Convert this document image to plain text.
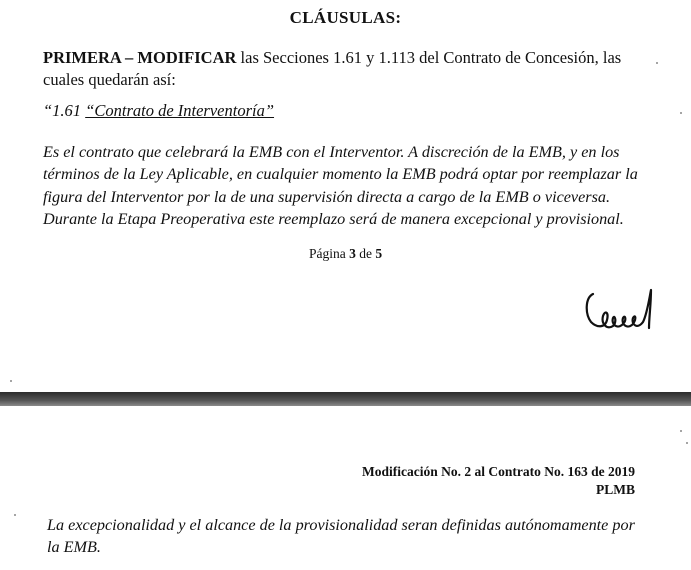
CLÁUSULAS:
PRIMERA – MODIFICAR las Secciones 1.61 y 1.113 del Contrato de Concesión, las
cuales quedarán así:
“1.61 “Contrato de Interventoría”
Es el contrato que celebrará la EMB con el Interventor. A discreción de la EMB, y en los
términos de la Ley Aplicable, en cualquier momento la EMB podrá optar por reemplazar la
figura del Interventor por la de una supervisión directa a cargo de la EMB o viceversa.
Durante la Etapa Preoperativa este reemplazo será de manera excepcional y provisional.
Página 3 de 5
Modificación No. 2 al Contrato No. 163 de 2019
PLMB
La excepcionalidad y el alcance de la provisionalidad seran definidas autónomamente por
la EMB.
